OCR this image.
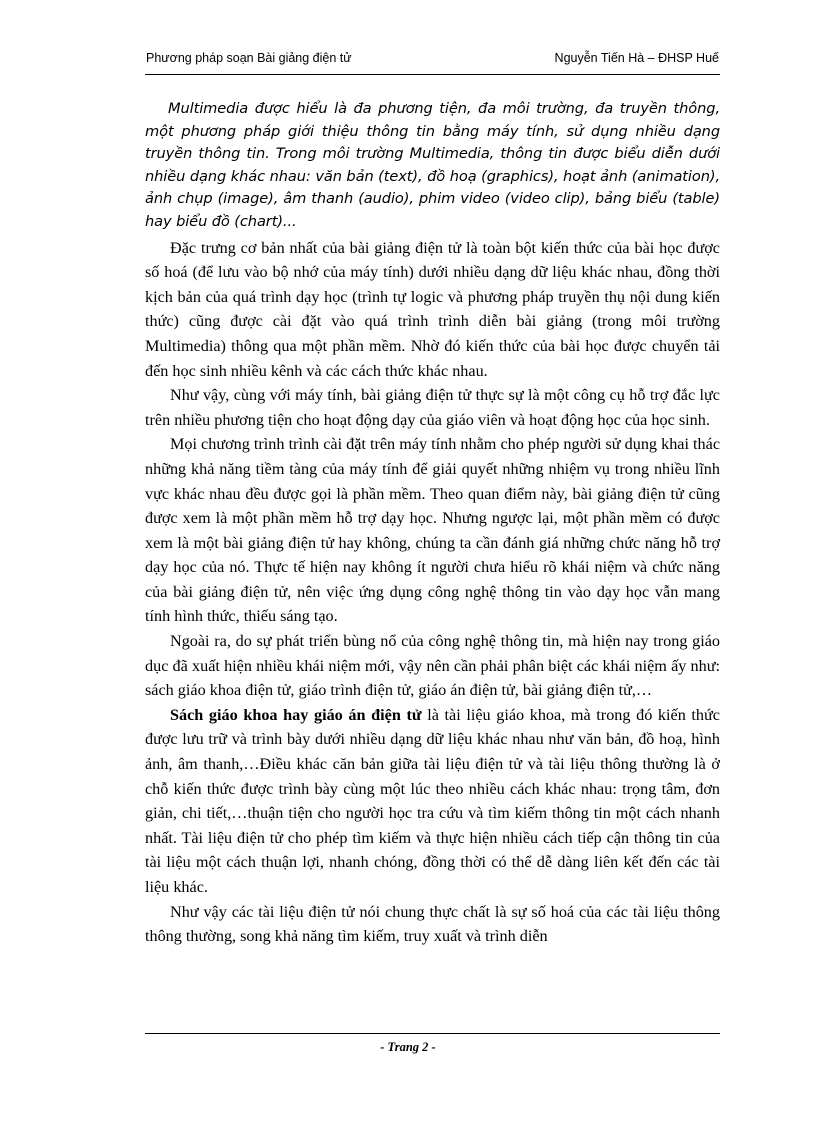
Phương pháp soạn Bài giảng điện tử	Nguyễn Tiến Hà – ĐHSP Huế

Multimedia được hiểu là đa phương tiện, đa môi trường, đa truyền thông, một phương pháp giới thiệu thông tin bằng máy tính, sử dụng nhiều dạng truyền thông tin. Trong môi trường Multimedia, thông tin được biểu diễn dưới nhiều dạng khác nhau: văn bản (text), đồ hoạ (graphics), hoạt ảnh (animation), ảnh chụp (image), âm thanh (audio), phim video (video clip), bảng biểu (table) hay biểu đồ (chart)...

Đặc trưng cơ bản nhất của bài giảng điện tử là toàn bột kiến thức của bài học được số hoá (để lưu vào bộ nhớ của máy tính) dưới nhiều dạng dữ liệu khác nhau, đồng thời kịch bản của quá trình dạy học (trình tự logic và phương pháp truyền thụ nội dung kiến thức) cũng được cài đặt vào quá trình trình diễn bài giảng (trong môi trường Multimedia) thông qua một phần mềm. Nhờ đó kiến thức của bài học được chuyển tải đến học sinh nhiều kênh và các cách thức khác nhau.

Như vậy, cùng với máy tính, bài giảng điện tử thực sự là một công cụ hỗ trợ đắc lực trên nhiều phương tiện cho hoạt động dạy của giáo viên và hoạt động học của học sinh.

Mọi chương trình trình cài đặt trên máy tính nhằm cho phép người sử dụng khai thác những khả năng tiềm tàng của máy tính để giải quyết những nhiệm vụ trong nhiều lĩnh vực khác nhau đều được gọi là phần mềm. Theo quan điểm này, bài giảng điện tử cũng được xem là một phần mềm hỗ trợ dạy học. Nhưng ngược lại, một phần mềm có được xem là một bài giảng điện tử hay không, chúng ta cần đánh giá những chức năng hỗ trợ dạy học của nó. Thực tế hiện nay không ít người chưa hiểu rõ khái niệm và chức năng của bài giảng điện tử, nên việc ứng dụng công nghệ thông tin vào dạy học vẫn mang tính hình thức, thiếu sáng tạo.

Ngoài ra, do sự phát triển bùng nổ của công nghệ thông tin, mà hiện nay trong giáo dục đã xuất hiện nhiều khái niệm mới, vậy nên cần phải phân biệt các khái niệm ấy như: sách giáo khoa điện tử, giáo trình điện tử, giáo án điện tử, bài giảng điện tử,…

Sách giáo khoa hay giáo án điện tử là tài liệu giáo khoa, mà trong đó kiến thức được lưu trữ và trình bày dưới nhiều dạng dữ liệu khác nhau như văn bản, đồ hoạ, hình ảnh, âm thanh,…Điều khác căn bản giữa tài liệu điện tử và tài liệu thông thường là ở chỗ kiến thức được trình bày cùng một lúc theo nhiều cách khác nhau: trọng tâm, đơn giản, chi tiết,…thuận tiện cho người học tra cứu và tìm kiếm thông tin một cách nhanh nhất. Tài liệu điện tử cho phép tìm kiếm và thực hiện nhiều cách tiếp cận thông tin của tài liệu một cách thuận lợi, nhanh chóng, đồng thời có thể dễ dàng liên kết đến các tài liệu khác.

Như vậy các tài liệu điện tử nói chung thực chất là sự số hoá của các tài liệu thông thông thường, song khả năng tìm kiếm, truy xuất và trình diễn

- Trang 2 -
